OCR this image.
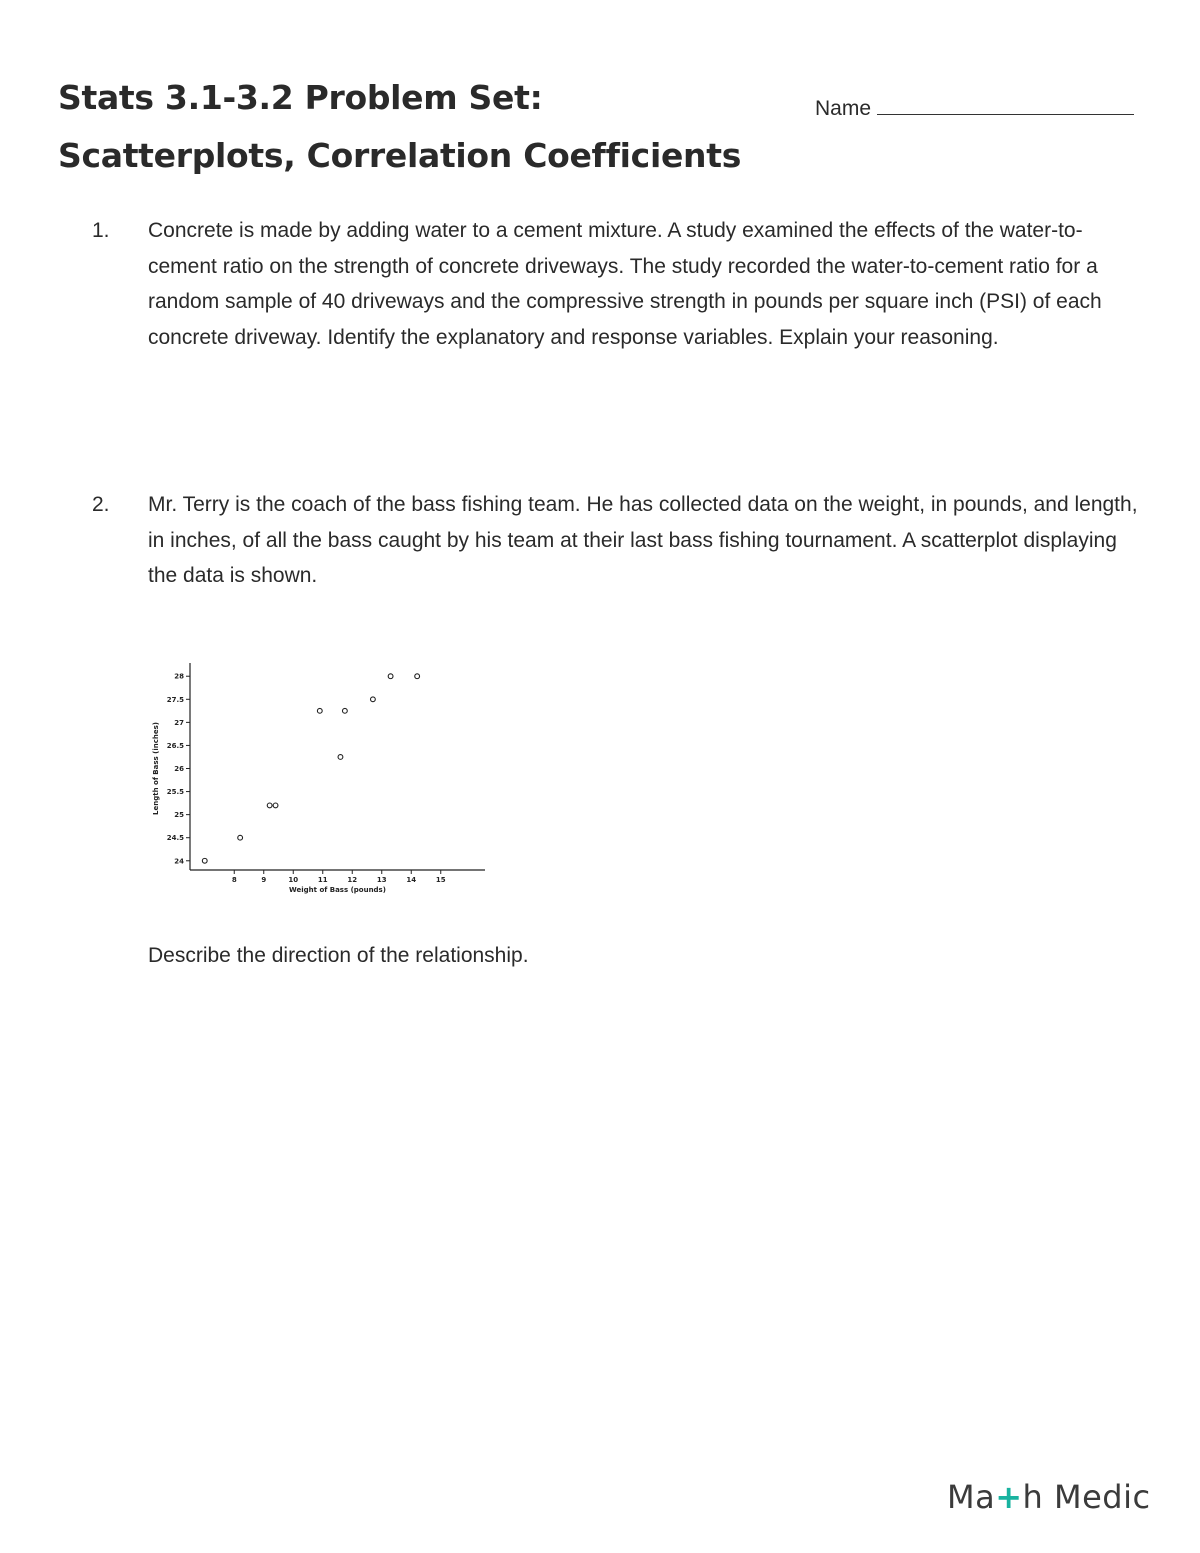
Stats 3.1-3.2 Problem Set:
Scatterplots, Correlation Coefficients
Name
1. Concrete is made by adding water to a cement mixture. A study examined the effects of the water-to-cement ratio on the strength of concrete driveways. The study recorded the water-to-cement ratio for a random sample of 40 driveways and the compressive strength in pounds per square inch (PSI) of each concrete driveway. Identify the explanatory and response variables. Explain your reasoning.
2. Mr. Terry is the coach of the bass fishing team. He has collected data on the weight, in pounds, and length, in inches, of all the bass caught by his team at their last bass fishing tournament. A scatterplot displaying the data is shown.
24
24.5
25
25.5
26
26.5
27
27.5
28
8	9	10	11	12	13	14	15
Weight of Bass (pounds)
Length of Bass (inches)
Describe the direction of the relationship.
Ma+h Medic
